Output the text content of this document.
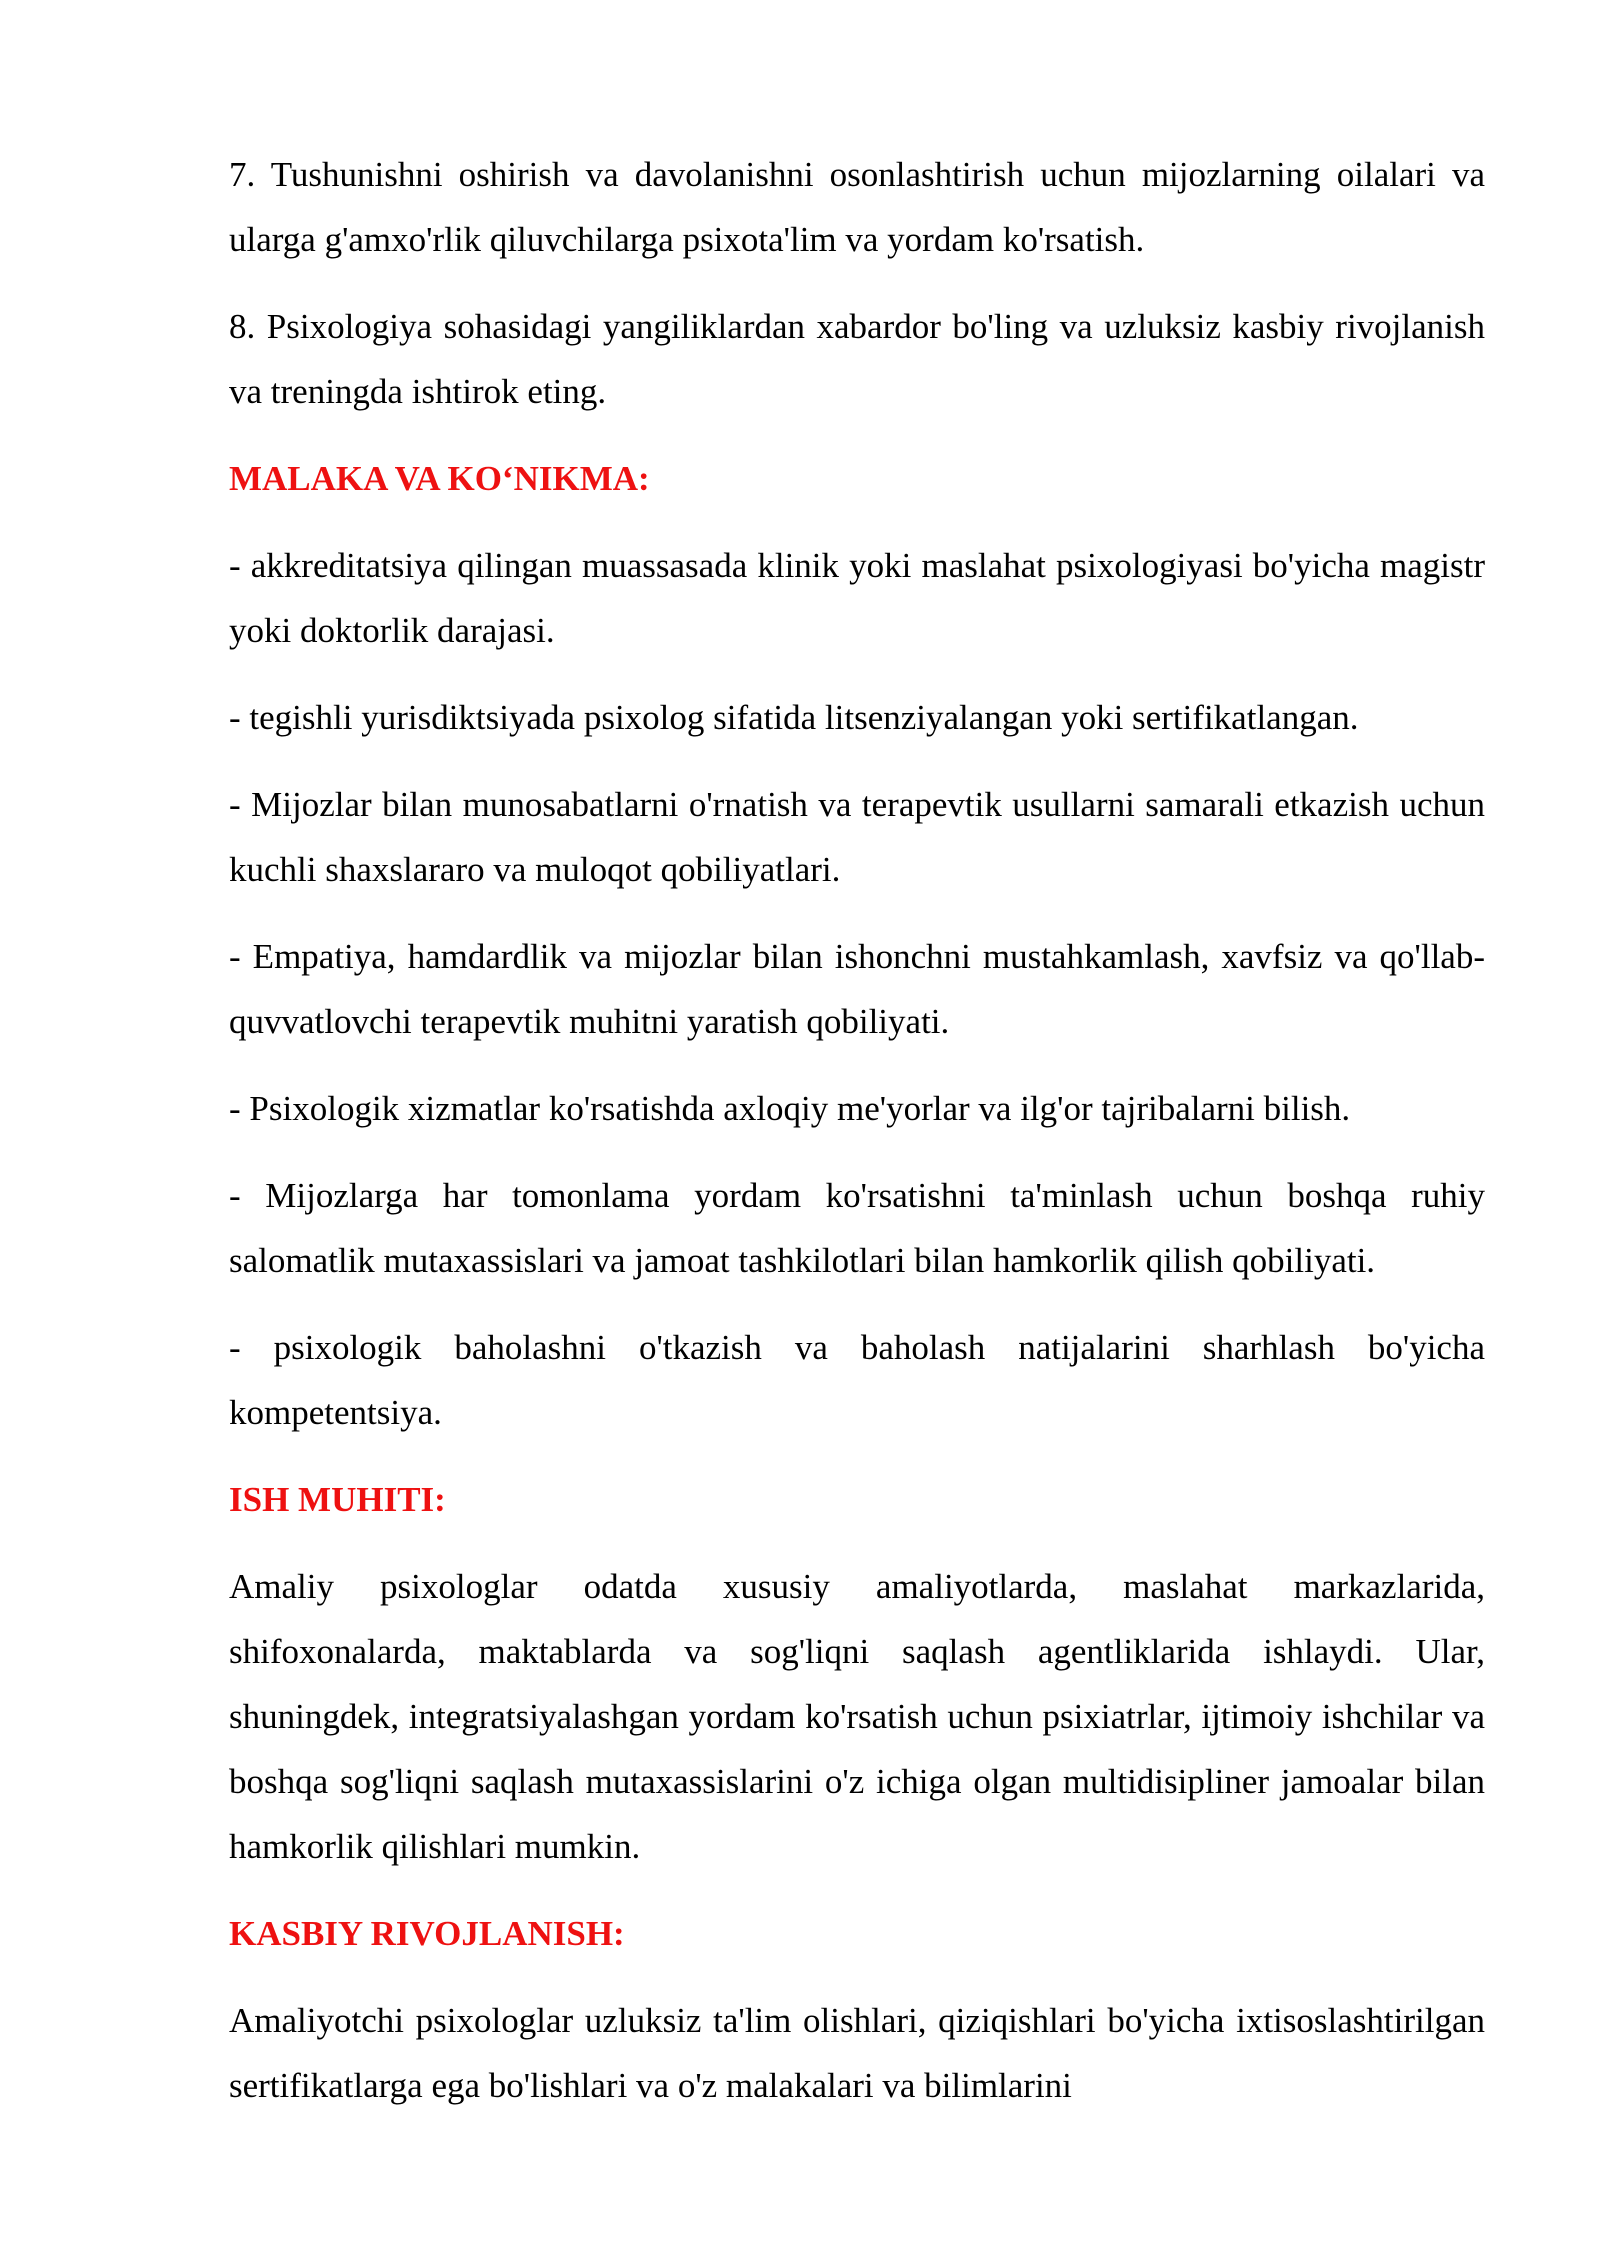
7. Tushunishni oshirish va davolanishni osonlashtirish uchun mijozlarning oilalari va ularga g'amxo'rlik qiluvchilarga psixota'lim va yordam ko'rsatish.

8. Psixologiya sohasidagi yangiliklardan xabardor bo'ling va uzluksiz kasbiy rivojlanish va treningda ishtirok eting.

MALAKA VA KO‘NIKMA:

- akkreditatsiya qilingan muassasada klinik yoki maslahat psixologiyasi bo'yicha magistr yoki doktorlik darajasi.

- tegishli yurisdiktsiyada psixolog sifatida litsenziyalangan yoki sertifikatlangan.

- Mijozlar bilan munosabatlarni o'rnatish va terapevtik usullarni samarali etkazish uchun kuchli shaxslararo va muloqot qobiliyatlari.

- Empatiya, hamdardlik va mijozlar bilan ishonchni mustahkamlash, xavfsiz va qo'llab-quvvatlovchi terapevtik muhitni yaratish qobiliyati.

- Psixologik xizmatlar ko'rsatishda axloqiy me'yorlar va ilg'or tajribalarni bilish.

- Mijozlarga har tomonlama yordam ko'rsatishni ta'minlash uchun boshqa ruhiy salomatlik mutaxassislari va jamoat tashkilotlari bilan hamkorlik qilish qobiliyati.

- psixologik baholashni o'tkazish va baholash natijalarini sharhlash bo'yicha kompetentsiya.

ISH MUHITI:

Amaliy psixologlar odatda xususiy amaliyotlarda, maslahat markazlarida, shifoxonalarda, maktablarda va sog'liqni saqlash agentliklarida ishlaydi. Ular, shuningdek, integratsiyalashgan yordam ko'rsatish uchun psixiatrlar, ijtimoiy ishchilar va boshqa sog'liqni saqlash mutaxassislarini o'z ichiga olgan multidisipliner jamoalar bilan hamkorlik qilishlari mumkin.

KASBIY RIVOJLANISH:

Amaliyotchi psixologlar uzluksiz ta'lim olishlari, qiziqishlari bo'yicha ixtisoslashtirilgan sertifikatlarga ega bo'lishlari va o'z malakalari va bilimlarini
